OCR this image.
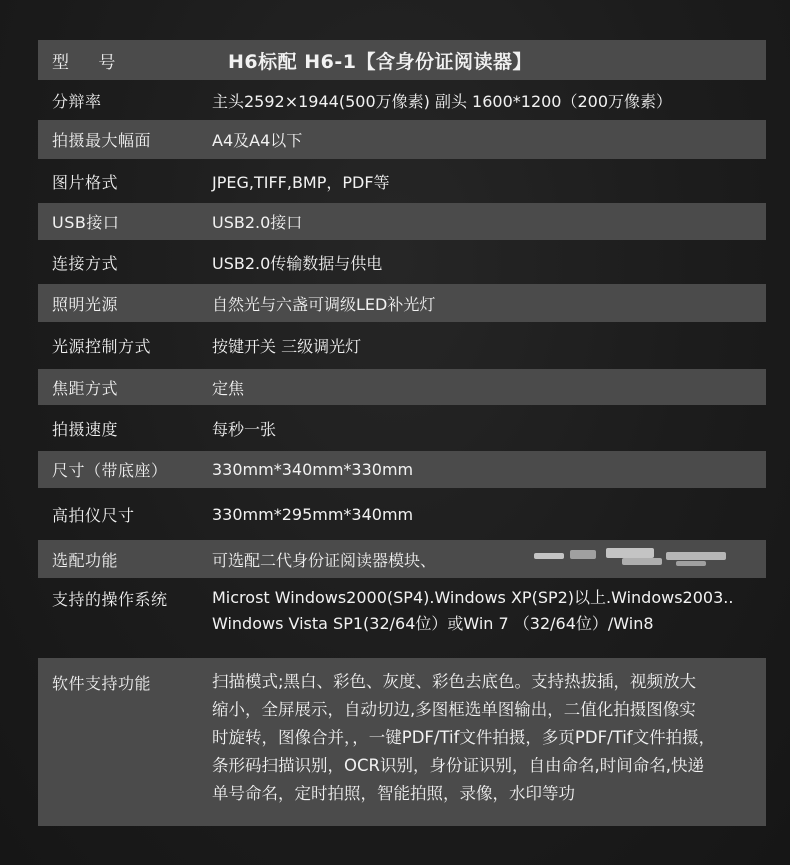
型 号	H6标配 H6-1【含身份证阅读器】
分辩率	主头2592×1944(500万像素) 副头 1600*1200（200万像素）
拍摄最大幅面	A4及A4以下
图片格式	JPEG,TIFF,BMP，PDF等
USB接口	USB2.0接口
连接方式	USB2.0传输数据与供电
照明光源	自然光与六盏可调级LED补光灯
光源控制方式	按键开关 三级调光灯
焦距方式	定焦
拍摄速度	每秒一张
尺寸（带底座）	330mm*340mm*330mm
高拍仪尺寸	330mm*295mm*340mm
选配功能	可选配二代身份证阅读器模块、
支持的操作系统	Microst Windows2000(SP4).Windows XP(SP2)以上.Windows2003..
Windows Vista SP1(32/64位）或Win 7 （32/64位）/Win8
软件支持功能	扫描模式;黑白、彩色、灰度、彩色去底色。支持热拔插，视频放大
缩小，全屏展示，自动切边,多图框选单图输出，二值化拍摄图像实
时旋转，图像合并，，一键PDF/Tif文件拍摄，多页PDF/Tif文件拍摄，
条形码扫描识别，OCR识别，身份证识别，自由命名,时间命名,快递
单号命名，定时拍照，智能拍照，录像，水印等功
